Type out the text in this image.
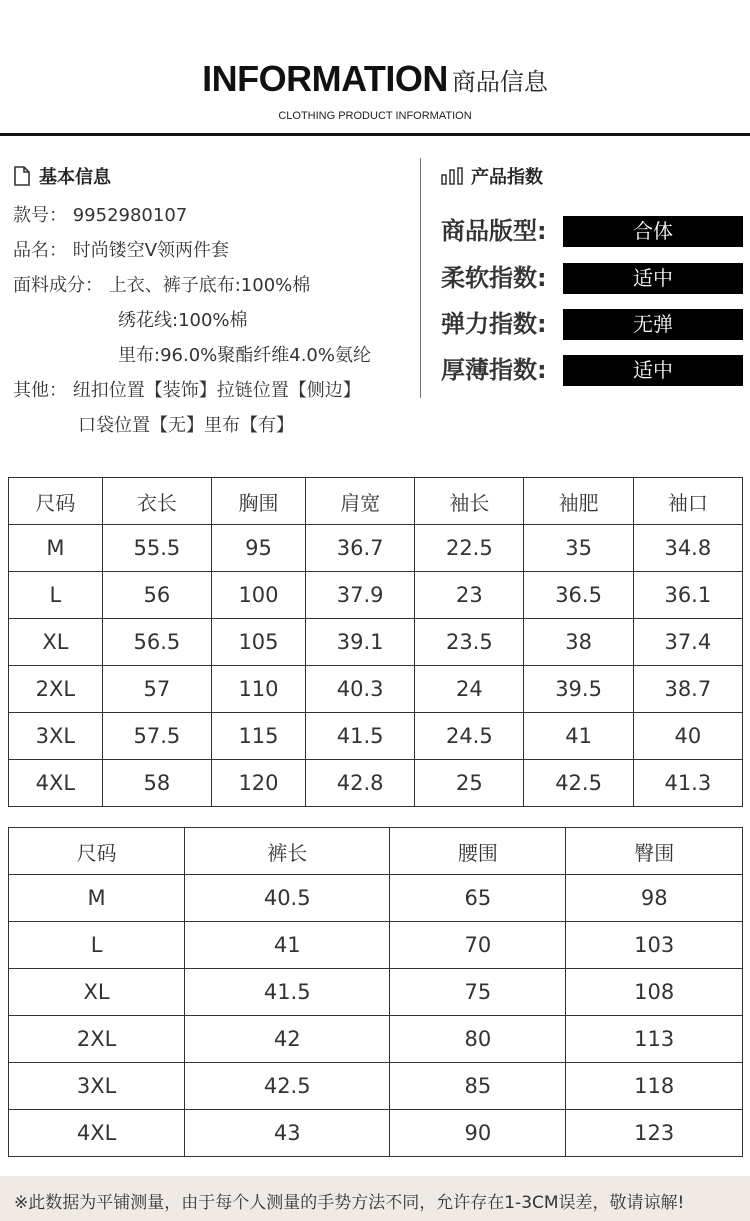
INFORMATION 商品信息
CLOTHING PRODUCT INFORMATION
基本信息
款号： 9952980107
品名： 时尚镂空V领两件套
面料成分： 上衣、裤子底布:100%棉
绣花线:100%棉
里布:96.0%聚酯纤维4.0%氨纶
其他： 纽扣位置【装饰】拉链位置【侧边】
口袋位置【无】里布【有】
产品指数
商品版型:	合体
柔软指数:	适中
弹力指数:	无弹
厚薄指数:	适中
尺码	衣长	胸围	肩宽	袖长	袖肥	袖口
M	55.5	95	36.7	22.5	35	34.8
L	56	100	37.9	23	36.5	36.1
XL	56.5	105	39.1	23.5	38	37.4
2XL	57	110	40.3	24	39.5	38.7
3XL	57.5	115	41.5	24.5	41	40
4XL	58	120	42.8	25	42.5	41.3
尺码	裤长	腰围	臀围
M	40.5	65	98
L	41	70	103
XL	41.5	75	108
2XL	42	80	113
3XL	42.5	85	118
4XL	43	90	123
※此数据为平铺测量，由于每个人测量的手势方法不同，允许存在1-3CM误差，敬请谅解!
